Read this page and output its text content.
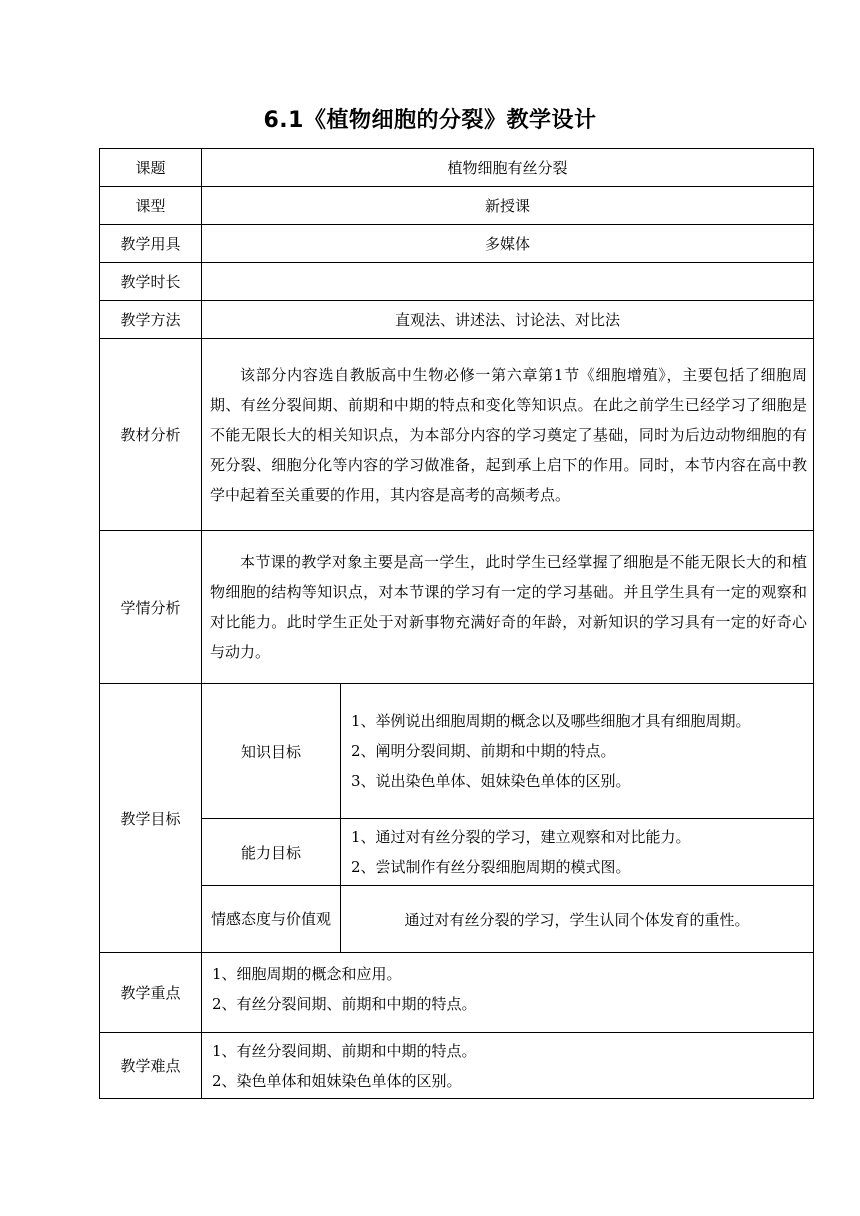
6.1《植物细胞的分裂》教学设计
课题	植物细胞有丝分裂	
课型	新授课	
教学用具	多媒体	
教学时长		
教学方法	直观法、讲述法、讨论法、对比法	
教材分析	该部分内容选自教版高中生物必修一第六章第1节《细胞增殖》，主要包括了细胞周期、有丝分裂间期、前期和中期的特点和变化等知识点。在此之前学生已经学习了细胞是不能无限长大的相关知识点，为本部分内容的学习奠定了基础，同时为后边动物细胞的有死分裂、细胞分化等内容的学习做准备，起到承上启下的作用。同时，本节内容在高中教学中起着至关重要的作用，其内容是高考的高频考点。	
学情分析	本节课的教学对象主要是高一学生，此时学生已经掌握了细胞是不能无限长大的和植物细胞的结构等知识点，对本节课的学习有一定的学习基础。并且学生具有一定的观察和对比能力。此时学生正处于对新事物充满好奇的年龄，对新知识的学习具有一定的好奇心与动力。	
教学目标	知识目标	1、举例说出细胞周期的概念以及哪些细胞才具有细胞周期。
2、阐明分裂间期、前期和中期的特点。
3、说出染色单体、姐妹染色单体的区别。

	能力目标	1、通过对有丝分裂的学习，建立观察和对比能力。
2、尝试制作有丝分裂细胞周期的模式图。

	情感态度与价值观	通过对有丝分裂的学习，学生认同个体发育的重性。
教学重点	1、细胞周期的概念和应用。
2、有丝分裂间期、前期和中期的特点。	

教学难点	1、有丝分裂间期、前期和中期的特点。
2、染色单体和姐妹染色单体的区别。	
